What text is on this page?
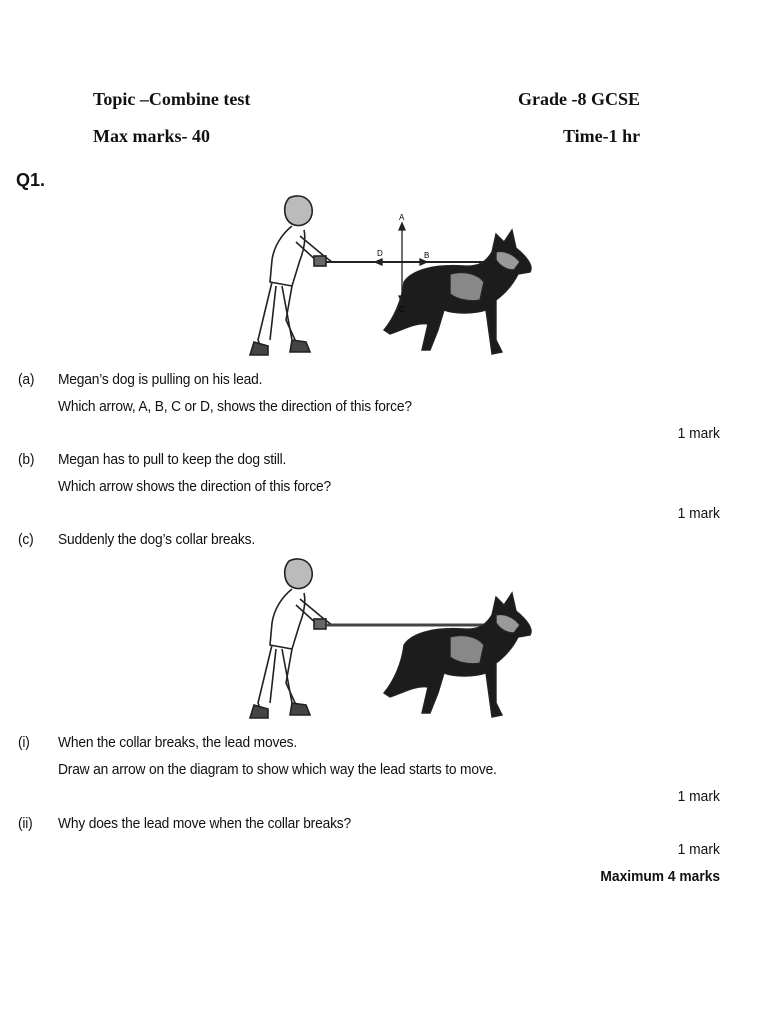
Topic –Combine test	Grade -8 GCSE
Max marks- 40	Time-1 hr
Q1.
A
B
C
D
(a) Megan’s dog is pulling on his lead.
Which arrow, A, B, C or D, shows the direction of this force?
1 mark
(b) Megan has to pull to keep the dog still.
Which arrow shows the direction of this force?
1 mark
(c) Suddenly the dog’s collar breaks.
(i) When the collar breaks, the lead moves.
Draw an arrow on the diagram to show which way the lead starts to move.
1 mark
(ii) Why does the lead move when the collar breaks?
1 mark
Maximum 4 marks
